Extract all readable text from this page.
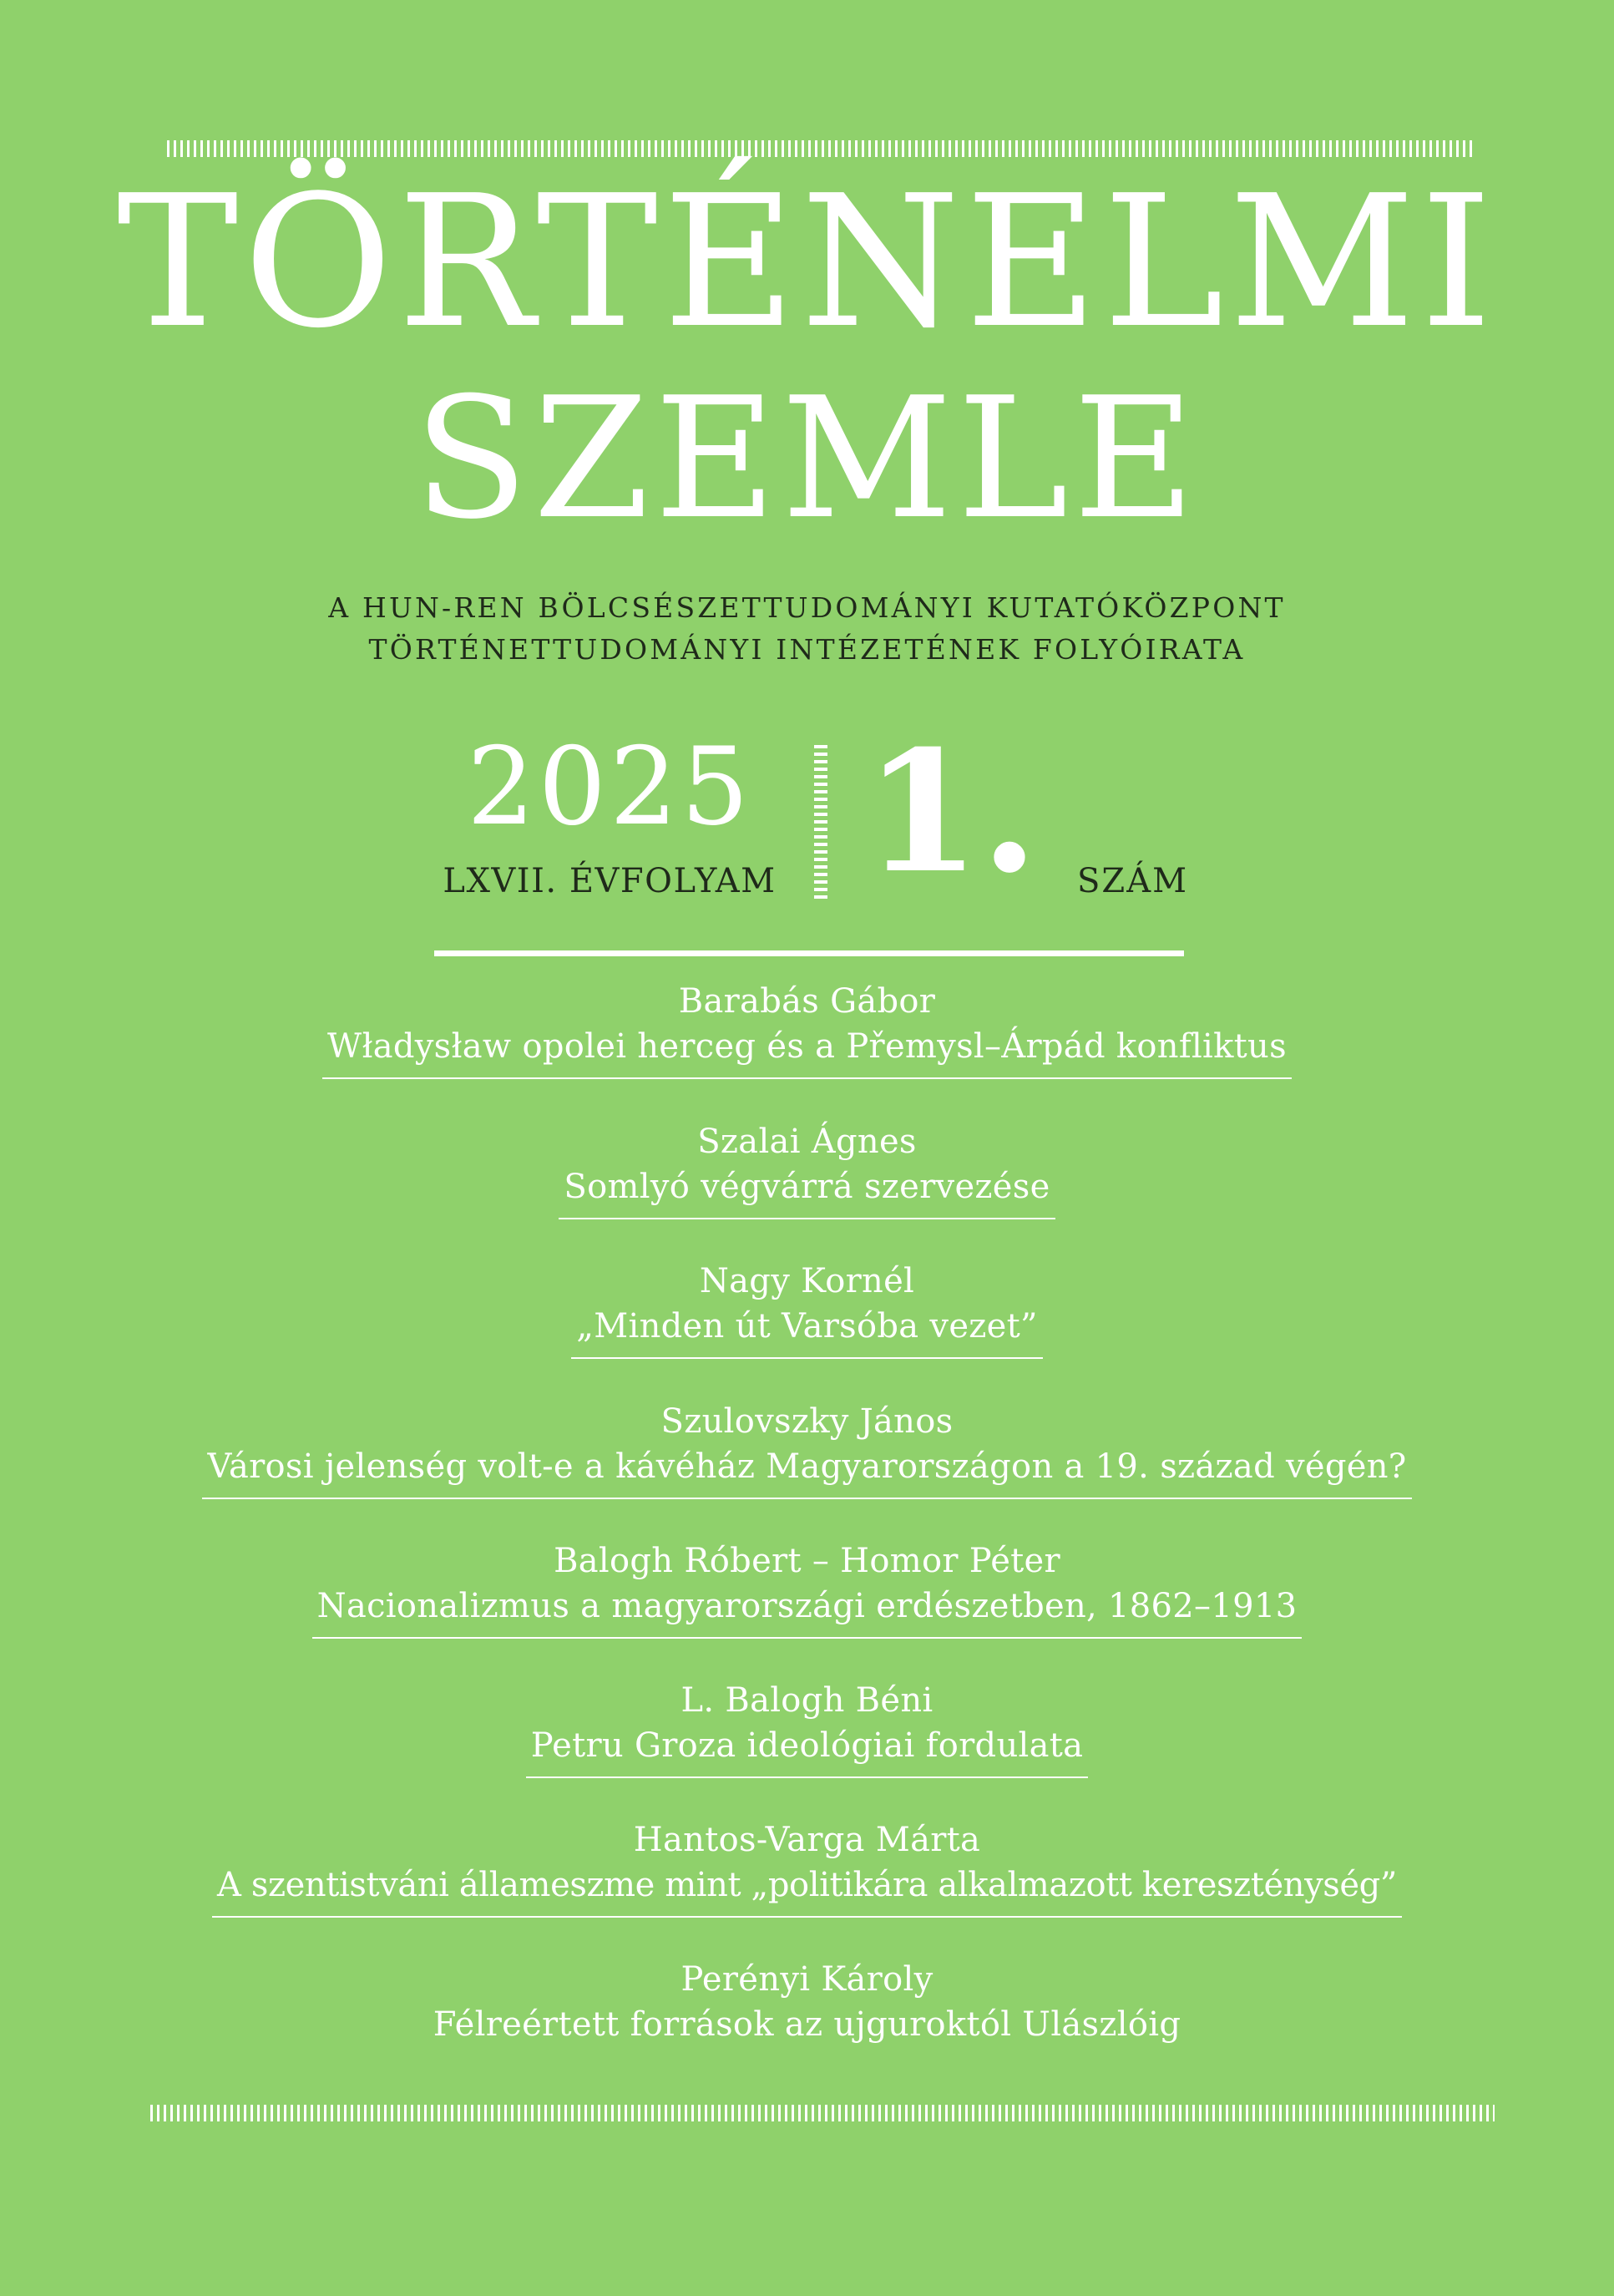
TÖRTÉNELMI
SZEMLE
A HUN-REN BÖLCSÉSZETTUDOMÁNYI KUTATÓKÖZPONT
TÖRTÉNETTUDOMÁNYI INTÉZETÉNEK FOLYÓIRATA
2025
LXVII. ÉVFOLYAM 1. SZÁM
Barabás Gábor
Władysław opolei herceg és a Přemysl–Árpád konfliktus
Szalai Ágnes
Somlyó végvárrá szervezése
Nagy Kornél
„Minden út Varsóba vezet”
Szulovszky János
Városi jelenség volt-e a kávéház Magyarországon a 19. század végén?
Balogh Róbert – Homor Péter
Nacionalizmus a magyarországi erdészetben, 1862–1913
L. Balogh Béni
Petru Groza ideológiai fordulata
Hantos-Varga Márta
A szentistváni állameszme mint „politikára alkalmazott kereszténység”
Perényi Károly
Félreértett források az ujguroktól Ulászlóig
